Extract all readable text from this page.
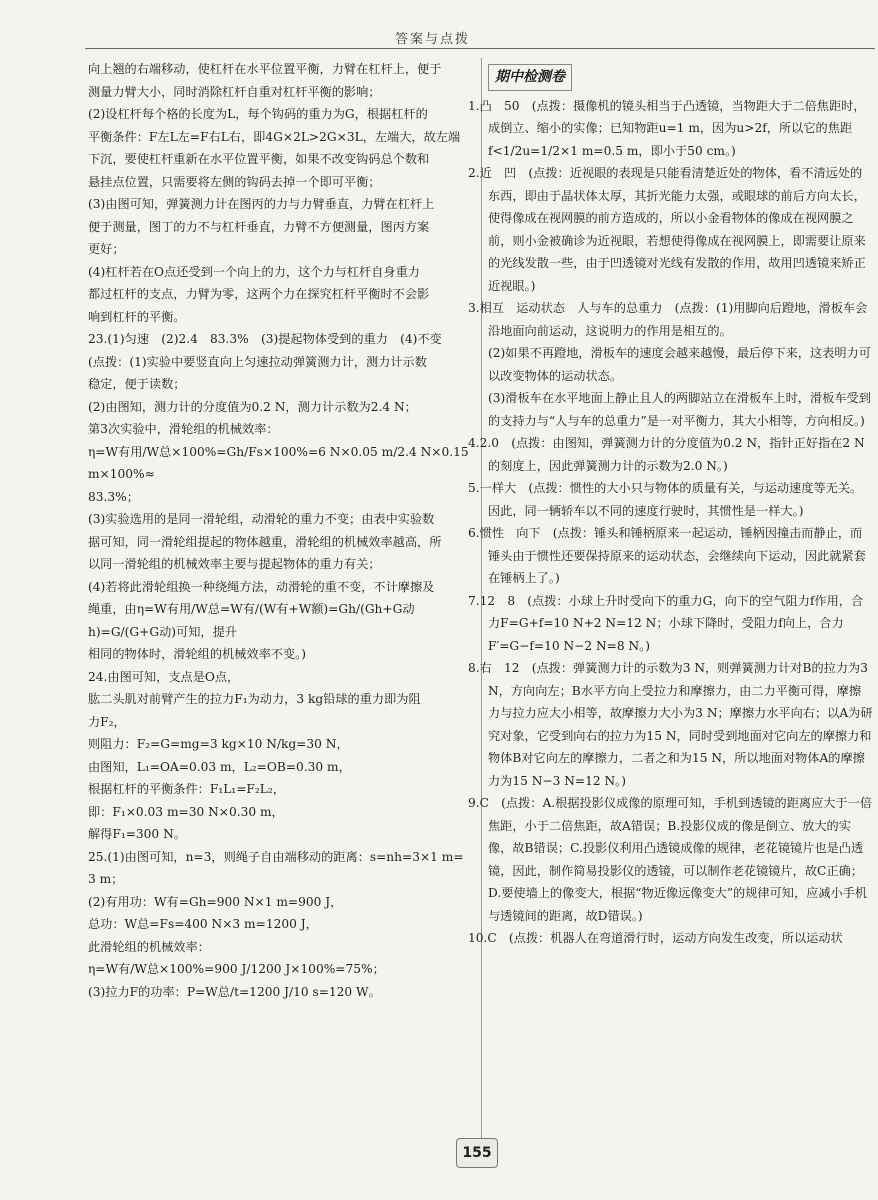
答案与点拨

向上翘的右端移动，使杠杆在水平位置平衡，力臂在杠杆上，便于

测量力臂大小，同时消除杠杆自重对杠杆平衡的影响；

(2)设杠杆每个格的长度为L，每个钩码的重力为G，根据杠杆的

平衡条件：F左L左=F右L右，即4G×2L>2G×3L，左端大，故左端

下沉，要使杠杆重新在水平位置平衡，如果不改变钩码总个数和

悬挂点位置，只需要将左侧的钩码去掉一个即可平衡；

(3)由图可知，弹簧测力计在图丙的力与力臂垂直，力臂在杠杆上

便于测量，图丁的力不与杠杆垂直，力臂不方便测量，图丙方案

更好；

(4)杠杆若在O点还受到一个向上的力，这个力与杠杆自身重力

都过杠杆的支点，力臂为零，这两个力在探究杠杆平衡时不会影

响到杠杆的平衡。

23.(1)匀速　(2)2.4　83.3%　(3)提起物体受到的重力　(4)不变

(点拨：(1)实验中要竖直向上匀速拉动弹簧测力计，测力计示数

稳定，便于读数；

(2)由图知，测力计的分度值为0.2 N，测力计示数为2.4 N；

第3次实验中，滑轮组的机械效率：

η=W有用/W总×100%=Gh/Fs×100%=6 N×0.05 m/2.4 N×0.15 m×100%≈

83.3%；

(3)实验选用的是同一滑轮组，动滑轮的重力不变；由表中实验数

据可知，同一滑轮组提起的物体越重，滑轮组的机械效率越高，所

以同一滑轮组的机械效率主要与提起物体的重力有关；

(4)若将此滑轮组换一种绕绳方法，动滑轮的重不变，不计摩擦及

绳重，由η=W有用/W总=W有/(W有+W额)=Gh/(Gh+G动h)=G/(G+G动)可知，提升

相同的物体时，滑轮组的机械效率不变。)

24.由图可知，支点是O点，

肱二头肌对前臂产生的拉力F₁为动力，3 kg铅球的重力即为阻

力F₂，

则阻力：F₂=G=mg=3 kg×10 N/kg=30 N，

由图知，L₁=OA=0.03 m，L₂=OB=0.30 m，

根据杠杆的平衡条件：F₁L₁=F₂L₂，

即：F₁×0.03 m=30 N×0.30 m，

解得F₁=300 N。

25.(1)由图可知，n=3，则绳子自由端移动的距离：s=nh=3×1 m=

3 m；

(2)有用功：W有=Gh=900 N×1 m=900 J，

总功：W总=Fs=400 N×3 m=1200 J，

此滑轮组的机械效率：

η=W有/W总×100%=900 J/1200 J×100%=75%；

(3)拉力F的功率：P=W总/t=1200 J/10 s=120 W。

期中检测卷

1.凸　50　(点拨：摄像机的镜头相当于凸透镜，当物距大于二倍焦距时，成倒立、缩小的实像；已知物距u=1 m，因为u>2f，所以它的焦距f<1/2u=1/2×1 m=0.5 m，即小于50 cm。)

2.近　凹　(点拨：近视眼的表现是只能看清楚近处的物体，看不清远处的东西，即由于晶状体太厚，其折光能力太强，或眼球的前后方向太长，使得像成在视网膜的前方造成的，所以小金看物体的像成在视网膜之前，则小金被确诊为近视眼，若想使得像成在视网膜上，即需要让原来的光线发散一些，由于凹透镜对光线有发散的作用，故用凹透镜来矫正近视眼。)

3.相互　运动状态　人与车的总重力　(点拨：(1)用脚向后蹬地，滑板车会沿地面向前运动，这说明力的作用是相互的。

(2)如果不再蹬地，滑板车的速度会越来越慢，最后停下来，这表明力可以改变物体的运动状态。

(3)滑板车在水平地面上静止且人的两脚站立在滑板车上时，滑板车受到的支持力与“人与车的总重力”是一对平衡力，其大小相等，方向相反。)

4.2.0　(点拨：由图知，弹簧测力计的分度值为0.2 N，指针正好指在2 N的刻度上，因此弹簧测力计的示数为2.0 N。)

5.一样大　(点拨：惯性的大小只与物体的质量有关，与运动速度等无关。因此，同一辆轿车以不同的速度行驶时，其惯性是一样大。)

6.惯性　向下　(点拨：锤头和锤柄原来一起运动，锤柄因撞击而静止，而锤头由于惯性还要保持原来的运动状态，会继续向下运动，因此就紧套在锤柄上了。)

7.12　8　(点拨：小球上升时受向下的重力G，向下的空气阻力f作用，合力F=G+f=10 N+2 N=12 N；小球下降时，受阻力f向上，合力F′=G−f=10 N−2 N=8 N。)

8.右　12　(点拨：弹簧测力计的示数为3 N，则弹簧测力计对B的拉力为3 N，方向向左；B水平方向上受拉力和摩擦力，由二力平衡可得，摩擦力与拉力应大小相等，故摩擦力大小为3 N；摩擦力水平向右；以A为研究对象，它受到向右的拉力为15 N，同时受到地面对它向左的摩擦力和物体B对它向左的摩擦力，二者之和为15 N，所以地面对物体A的摩擦力为15 N−3 N=12 N。)

9.C　(点拨：A.根据投影仪成像的原理可知，手机到透镜的距离应大于一倍焦距，小于二倍焦距，故A错误；B.投影仪成的像是倒立、放大的实像，故B错误；C.投影仪利用凸透镜成像的规律，老花镜镜片也是凸透镜，因此，制作简易投影仪的透镜，可以制作老花镜镜片，故C正确；D.要使墙上的像变大，根据“物近像远像变大”的规律可知，应减小手机与透镜间的距离，故D错误。)

10.C　(点拨：机器人在弯道滑行时，运动方向发生改变，所以运动状

155
